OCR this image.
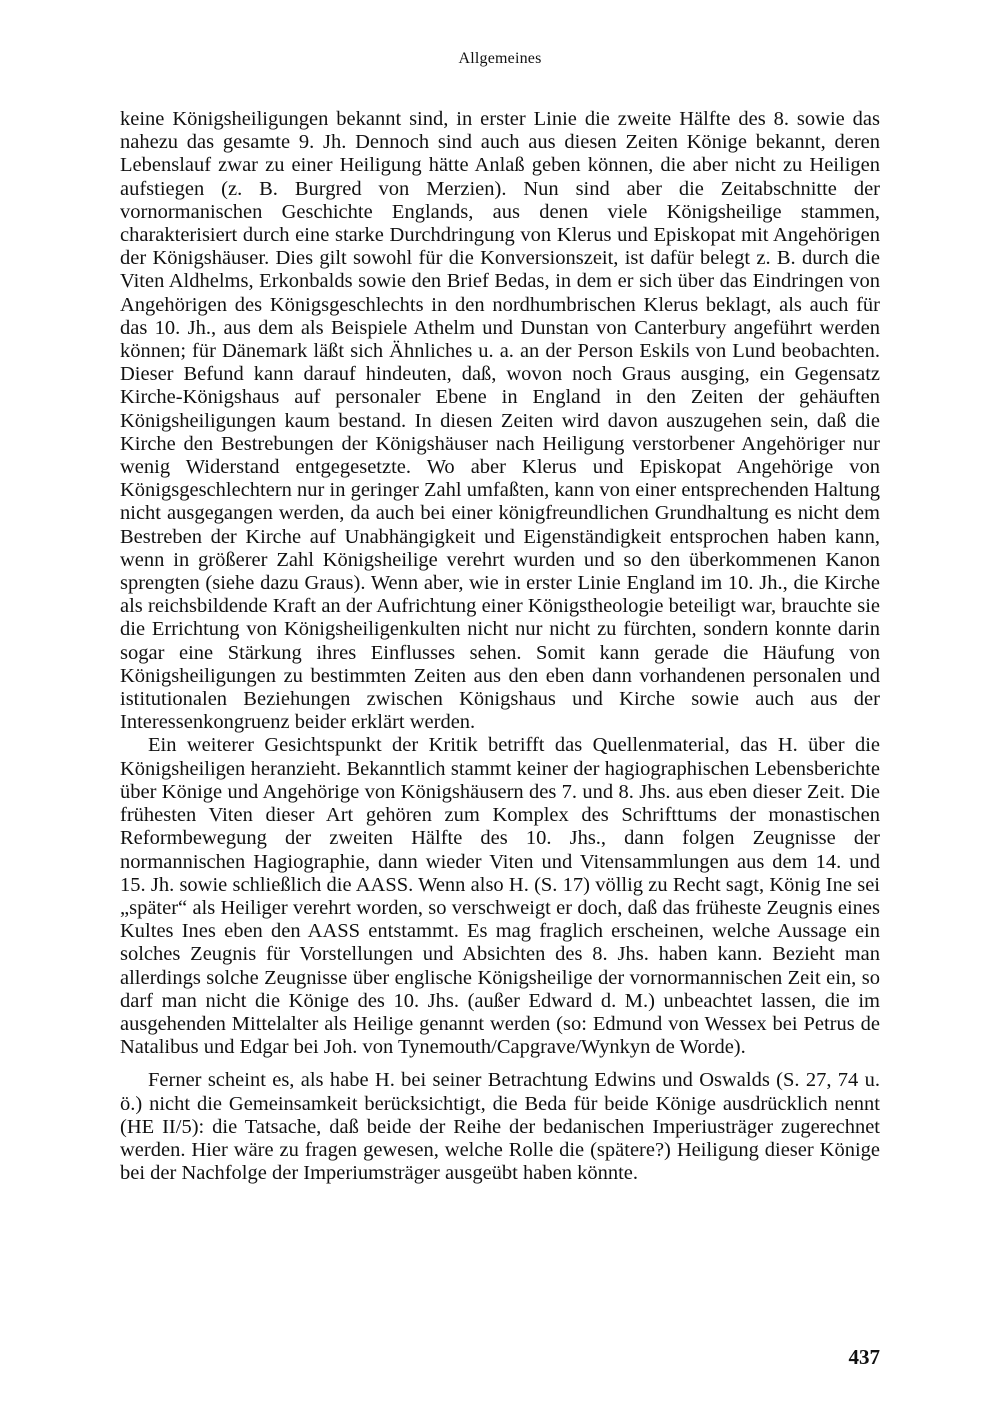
Allgemeines

keine Königsheiligungen bekannt sind, in erster Linie die zweite Hälfte des 8. sowie das nahezu das gesamte 9. Jh. Dennoch sind auch aus diesen Zeiten Könige bekannt, deren Lebenslauf zwar zu einer Heiligung hätte Anlaß geben können, die aber nicht zu Heiligen aufstiegen (z. B. Burgred von Merzien). Nun sind aber die Zeitabschnitte der vornormanischen Geschichte Englands, aus denen viele Königsheilige stammen, charakterisiert durch eine starke Durchdringung von Klerus und Episkopat mit Angehörigen der Königshäuser. Dies gilt sowohl für die Konversionszeit, ist dafür belegt z. B. durch die Viten Aldhelms, Erkonbalds sowie den Brief Bedas, in dem er sich über das Eindringen von Angehörigen des Königsgeschlechts in den nordhumbrischen Klerus beklagt, als auch für das 10. Jh., aus dem als Beispiele Athelm und Dunstan von Canterbury angeführt werden können; für Dänemark läßt sich Ähnliches u. a. an der Person Eskils von Lund beobachten. Dieser Befund kann darauf hindeuten, daß, wovon noch Graus ausging, ein Gegensatz Kirche-Königshaus auf personaler Ebene in England in den Zeiten der gehäuften Königsheiligungen kaum bestand. In diesen Zeiten wird davon auszugehen sein, daß die Kirche den Bestrebungen der Königshäuser nach Heiligung verstorbener Angehöriger nur wenig Widerstand entgegesetzte. Wo aber Klerus und Episkopat Angehörige von Königsgeschlechtern nur in geringer Zahl umfaßten, kann von einer entsprechenden Haltung nicht ausgegangen werden, da auch bei einer königfreundlichen Grundhaltung es nicht dem Bestreben der Kirche auf Unabhängigkeit und Eigenständigkeit entsprochen haben kann, wenn in größerer Zahl Königsheilige verehrt wurden und so den überkommenen Kanon sprengten (siehe dazu Graus). Wenn aber, wie in erster Linie England im 10. Jh., die Kirche als reichsbildende Kraft an der Aufrichtung einer Königstheologie beteiligt war, brauchte sie die Errichtung von Königsheiligenkulten nicht nur nicht zu fürchten, sondern konnte darin sogar eine Stärkung ihres Einflusses sehen. Somit kann gerade die Häufung von Königsheiligungen zu bestimmten Zeiten aus den eben dann vorhandenen personalen und istitutionalen Beziehungen zwischen Königshaus und Kirche sowie auch aus der Interessenkongruenz beider erklärt werden.

Ein weiterer Gesichtspunkt der Kritik betrifft das Quellenmaterial, das H. über die Königsheiligen heranzieht. Bekanntlich stammt keiner der hagiographischen Lebensberichte über Könige und Angehörige von Königshäusern des 7. und 8. Jhs. aus eben dieser Zeit. Die frühesten Viten dieser Art gehören zum Komplex des Schrifttums der monastischen Reformbewegung der zweiten Hälfte des 10. Jhs., dann folgen Zeugnisse der normannischen Hagiographie, dann wieder Viten und Vitensammlungen aus dem 14. und 15. Jh. sowie schließlich die AASS. Wenn also H. (S. 17) völlig zu Recht sagt, König Ine sei „später“ als Heiliger verehrt worden, so verschweigt er doch, daß das früheste Zeugnis eines Kultes Ines eben den AASS entstammt. Es mag fraglich erscheinen, welche Aussage ein solches Zeugnis für Vorstellungen und Absichten des 8. Jhs. haben kann. Bezieht man allerdings solche Zeugnisse über englische Königsheilige der vornormannischen Zeit ein, so darf man nicht die Könige des 10. Jhs. (außer Edward d. M.) unbeachtet lassen, die im ausgehenden Mittelalter als Heilige genannt werden (so: Edmund von Wessex bei Petrus de Natalibus und Edgar bei Joh. von Tynemouth/Capgrave/Wynkyn de Worde).

Ferner scheint es, als habe H. bei seiner Betrachtung Edwins und Oswalds (S. 27, 74 u. ö.) nicht die Gemeinsamkeit berücksichtigt, die Beda für beide Könige ausdrücklich nennt (HE II/5): die Tatsache, daß beide der Reihe der bedanischen Imperiusträger zugerechnet werden. Hier wäre zu fragen gewesen, welche Rolle die (spätere?) Heiligung dieser Könige bei der Nachfolge der Imperiumsträger ausgeübt haben könnte.

437
